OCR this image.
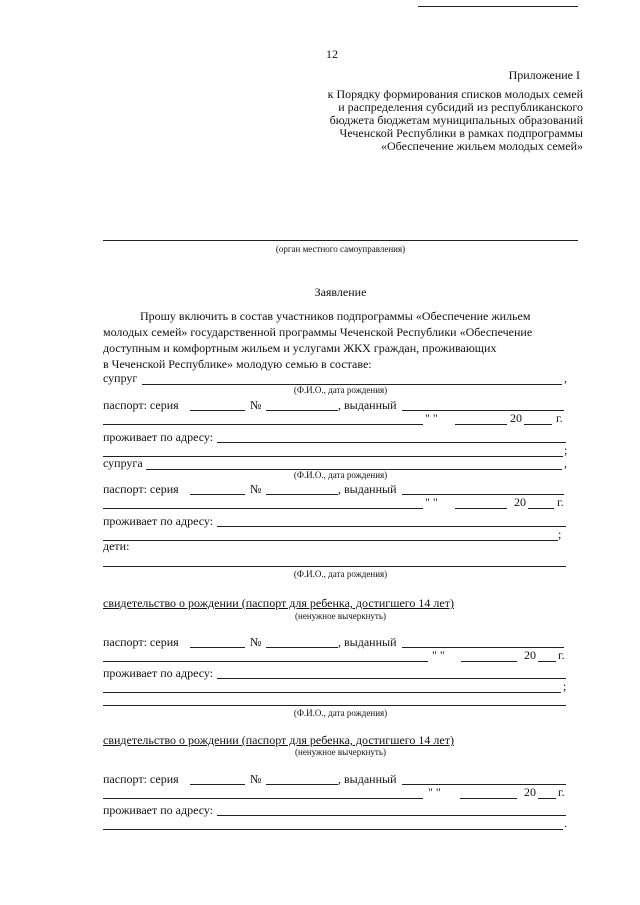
12
Приложение I
к Порядку формирования списков молодых семей
и распределения субсидий из республиканского
бюджета бюджетам муниципальных образований
Чеченской Республики в рамках подпрограммы
«Обеспечение жильем молодых семей»
(орган местного самоуправления)
Заявление
Прошу включить в состав участников подпрограммы «Обеспечение жильем
молодых семей» государственной программы Чеченской Республики «Обеспечение
доступным и комфортным жильем и услугами ЖКХ граждан, проживающих
в Чеченской Республике» молодую семью в составе:
супруг	,
(Ф.И.О., дата рождения)
паспорт: серия	№	, выданный
" "	20	г.
проживает по адресу:
;
супруга	,
(Ф.И.О., дата рождения)
паспорт: серия	№	, выданный
" "	20	г.
проживает по адресу:
;
дети:
(Ф.И.О., дата рождения)
свидетельство о рождении (паспорт для ребенка, достигшего 14 лет)
(ненужное вычеркнуть)
паспорт: серия	№	, выданный
" "	20 г.
проживает по адресу:
;
(Ф.И.О., дата рождения)
свидетельство о рождении (паспорт для ребенка, достигшего 14 лет)
(ненужное вычеркнуть)
паспорт: серия	№	, выданный
" "	20 г.
проживает по адресу:
.
